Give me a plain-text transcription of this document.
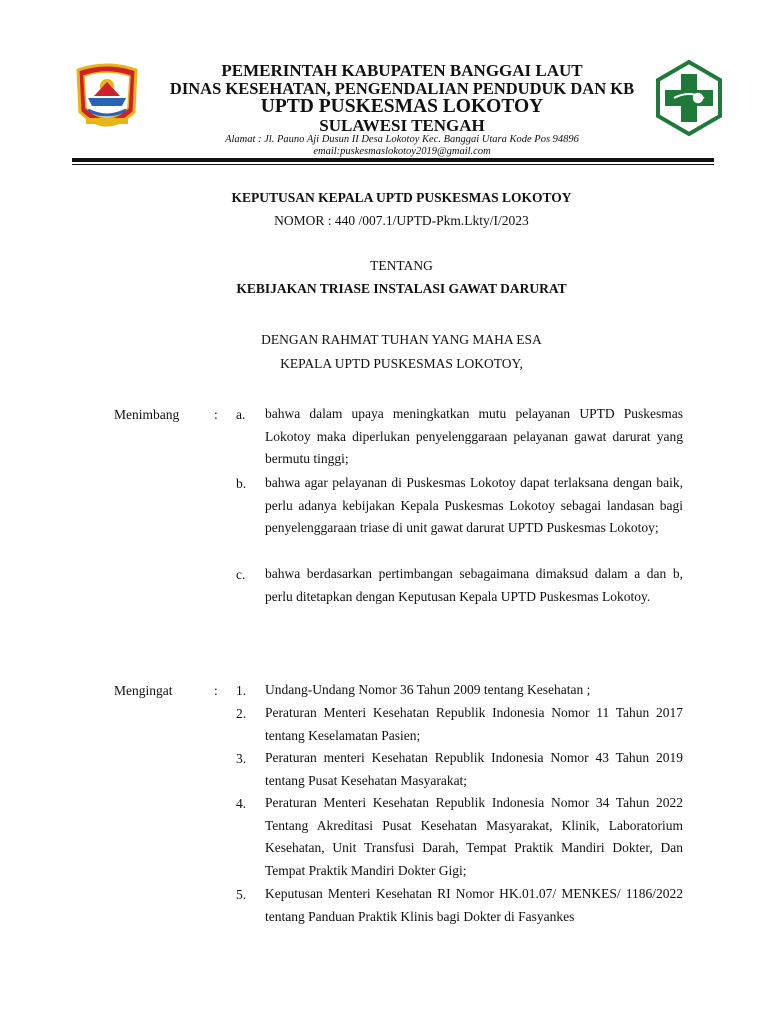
PEMERINTAH KABUPATEN BANGGAI LAUT
DINAS KESEHATAN, PENGENDALIAN PENDUDUK DAN KB
UPTD PUSKESMAS LOKOTOY
SULAWESI TENGAH
Alamat : Jl. Pauno Aji Dusun II Desa Lokotoy Kec. Banggai Utara Kode Pos 94896
email:puskesmaslokotoy2019@gmail.com
KEPUTUSAN KEPALA UPTD PUSKESMAS LOKOTOY
NOMOR : 440 /007.1/UPTD-Pkm.Lkty/I/2023
TENTANG
KEBIJAKAN TRIASE INSTALASI GAWAT DARURAT
DENGAN RAHMAT TUHAN YANG MAHA ESA
KEPALA UPTD PUSKESMAS LOKOTOY,
Menimbang	: a. bahwa dalam upaya meningkatkan mutu pelayanan UPTD Puskesmas Lokotoy maka diperlukan penyelenggaraan pelayanan gawat darurat yang bermutu tinggi;
b. bahwa agar pelayanan di Puskesmas Lokotoy dapat terlaksana dengan baik, perlu adanya kebijakan Kepala Puskesmas Lokotoy sebagai landasan bagi penyelenggaraan triase di unit gawat darurat UPTD Puskesmas Lokotoy;
c. bahwa berdasarkan pertimbangan sebagaimana dimaksud dalam a dan b, perlu ditetapkan dengan Keputusan Kepala UPTD Puskesmas Lokotoy.
Mengingat	: 1. Undang-Undang Nomor 36 Tahun 2009 tentang Kesehatan ;
2. Peraturan Menteri Kesehatan Republik Indonesia Nomor 11 Tahun 2017 tentang Keselamatan Pasien;
3. Peraturan menteri Kesehatan Republik Indonesia Nomor 43 Tahun 2019 tentang Pusat Kesehatan Masyarakat;
4. Peraturan Menteri Kesehatan Republik Indonesia Nomor 34 Tahun 2022 Tentang Akreditasi Pusat Kesehatan Masyarakat, Klinik, Laboratorium Kesehatan, Unit Transfusi Darah, Tempat Praktik Mandiri Dokter, Dan Tempat Praktik Mandiri Dokter Gigi;
5. Keputusan Menteri Kesehatan RI Nomor HK.01.07/ MENKES/ 1186/2022 tentang Panduan Praktik Klinis bagi Dokter di Fasyankes
